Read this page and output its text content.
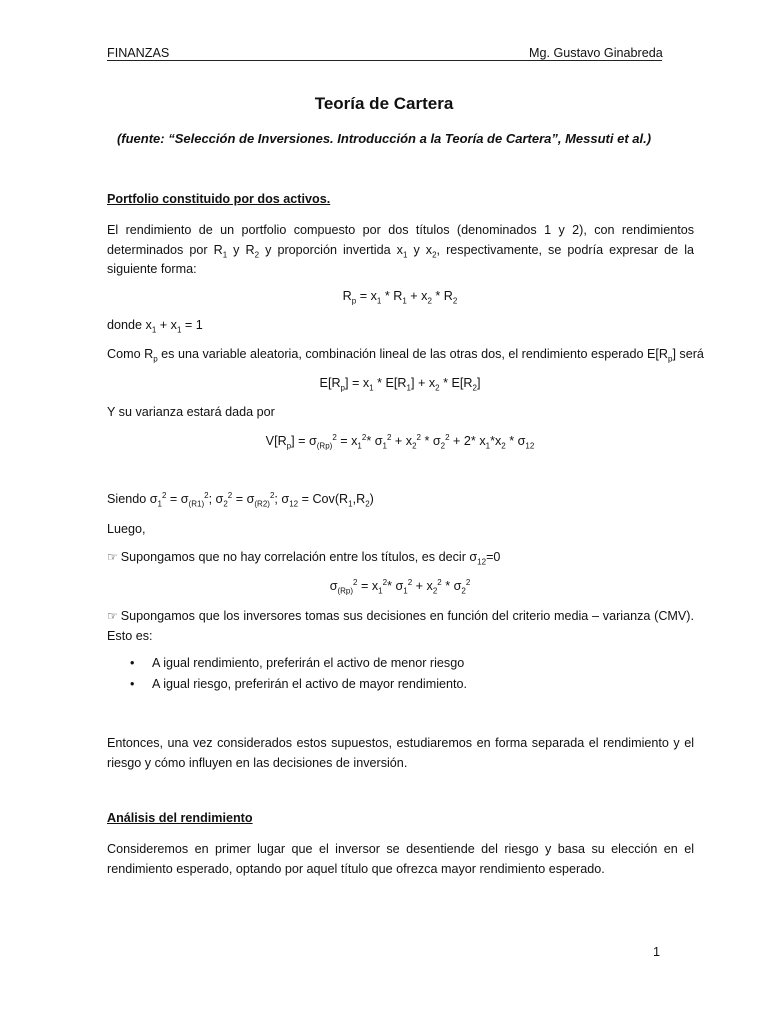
FINANZAS	Mg. Gustavo Ginabreda
Teoría de Cartera
(fuente: “Selección de Inversiones. Introducción a la Teoría de Cartera”, Messuti et al.)
Portfolio constituido por dos activos.
El rendimiento de un portfolio compuesto por dos títulos (denominados 1 y 2), con rendimientos determinados por $R_1$ y $R_2$ y proporción invertida $x_1$ y $x_2$, respectivamente, se podría expresar de la siguiente forma:
$R_p = x_1 * R_1 + x_2 * R_2$
donde $x_1 + x_1 = 1$
Como $R_p$ es una variable aleatoria, combinación lineal de las otras dos, el rendimiento esperado $E[R_p]$ será
$E[R_p] = x_1 * E[R_1] + x_2 * E[R_2]$
Y su varianza estará dada por
$V[R_p] = \sigma_{(Rp)}^2 = x_1^2*$ $\sigma_1^2 + x_2^2 * \sigma_2^2 + 2*$ $x_1*x_2 * \sigma_{12}$
Siendo $\sigma_1^2 = \sigma_{(R1)}^2$; $\sigma_2^2 = \sigma_{(R2)}^2$; $\sigma_{12} = Cov(R_1,R_2)$
Luego,
☞ Supongamos que no hay correlación entre los títulos, es decir $\sigma_{12}=0$
$\sigma_{(Rp)}^2 = x_1^2*$ $\sigma_1^2 + x_2^2 * \sigma_2^2$
☞ Supongamos que los inversores tomas sus decisiones en función del criterio media – varianza (CMV). Esto es:
• A igual rendimiento, preferirán el activo de menor riesgo
• A igual riesgo, preferirán el activo de mayor rendimiento.
Entonces, una vez considerados estos supuestos, estudiaremos en forma separada el rendimiento y el riesgo y cómo influyen en las decisiones de inversión.
Análisis del rendimiento
Consideremos en primer lugar que el inversor se desentiende del riesgo y basa su elección en el rendimiento esperado, optando por aquel título que ofrezca mayor rendimiento esperado.
1
